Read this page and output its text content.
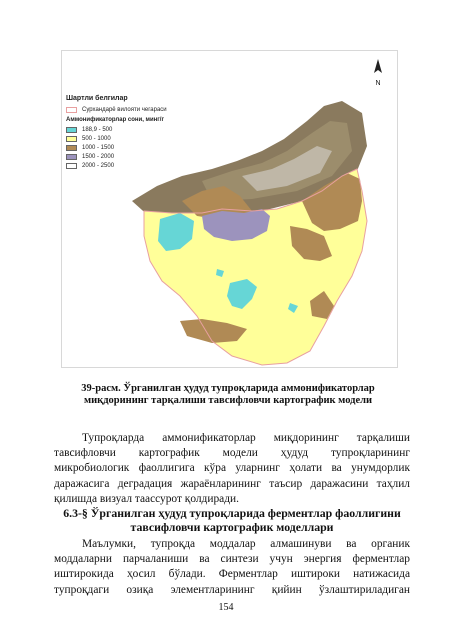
Шартли белгилар
Сурхандарё вилояти чегараси
Аммонификаторлар сони, минг/г
188,9 - 500
500 - 1000
1000 - 1500
1500 - 2000
2000 - 2500
N
39-расм. Ўрганилган ҳудуд тупроқларида аммонификаторлар миқдорининг тарқалиши тавсифловчи картографик модели
Тупроқларда аммонификаторлар миқдорининг тарқалиши
тавсифловчи картографик модели ҳудуд тупроқларининг
микробиологик фаоллигига кўра уларнинг ҳолати ва унумдорлик
даражасига деградация жараёнларининг таъсир даражасини таҳлил
қилишда визуал таассурот қолдиради.
6.3-§ Ўрганилган ҳудуд тупроқларида ферментлар фаоллигини тавсифловчи картографик моделлари
Маълумки, тупроқда моддалар алмашинуви ва органик
моддаларни парчаланиши ва синтези учун энергия ферментлар
иштирокида ҳосил бўлади. Ферментлар иштироки натижасида
тупроқдаги озиқа элементларининг қийин ўзлаштириладиган
154
